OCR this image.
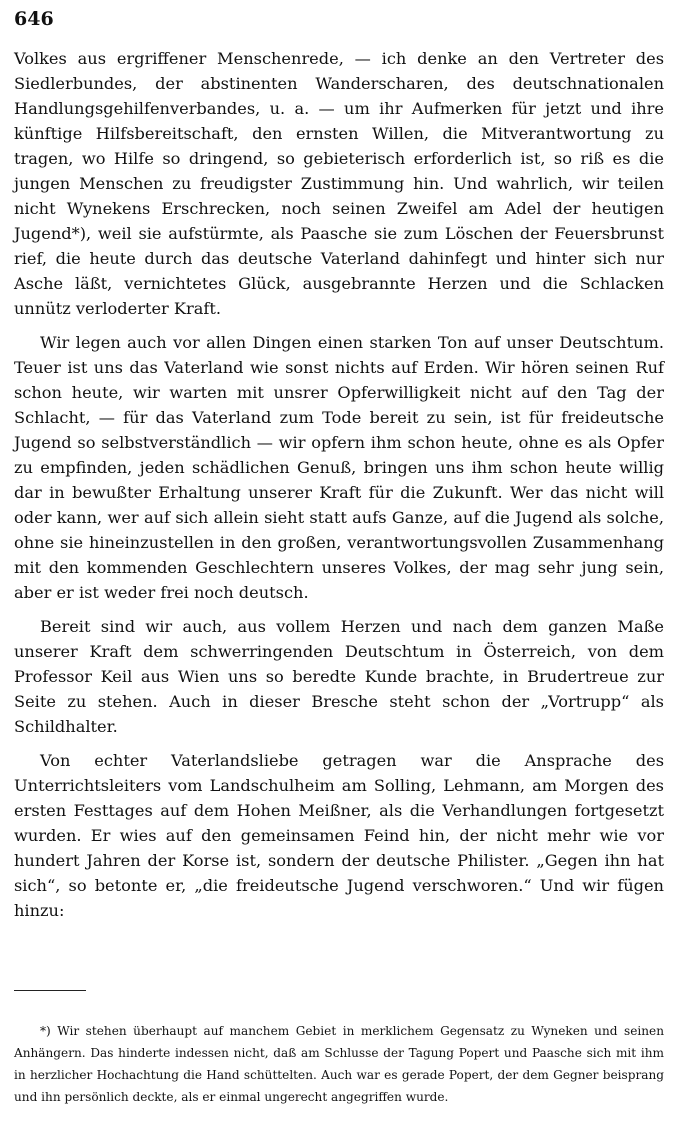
646

Volkes aus ergriffener Menschenrede, — ich denke an den Vertreter des Siedlerbundes, der abstinenten Wanderscharen, des deutschnationalen Handlungsgehilfenverbandes, u. a. — um ihr Aufmerken für jetzt und ihre künftige Hilfsbereitschaft, den ernsten Willen, die Mitverantwortung zu tragen, wo Hilfe so dringend, so gebieterisch erforderlich ist, so riß es die jungen Menschen zu freudigster Zustimmung hin. Und wahrlich, wir teilen nicht Wynekens Erschrecken, noch seinen Zweifel am Adel der heutigen Jugend*), weil sie aufstürmte, als Paasche sie zum Löschen der Feuersbrunst rief, die heute durch das deutsche Vaterland dahinfegt und hinter sich nur Asche läßt, vernichtetes Glück, ausgebrannte Herzen und die Schlacken unnütz verloderter Kraft.

Wir legen auch vor allen Dingen einen starken Ton auf unser Deutschtum. Teuer ist uns das Vaterland wie sonst nichts auf Erden. Wir hören seinen Ruf schon heute, wir warten mit unsrer Opferwilligkeit nicht auf den Tag der Schlacht, — für das Vaterland zum Tode bereit zu sein, ist für freideutsche Jugend so selbstverständlich — wir opfern ihm schon heute, ohne es als Opfer zu empfinden, jeden schädlichen Genuß, bringen uns ihm schon heute willig dar in bewußter Erhaltung unserer Kraft für die Zukunft. Wer das nicht will oder kann, wer auf sich allein sieht statt aufs Ganze, auf die Jugend als solche, ohne sie hineinzustellen in den großen, verantwortungsvollen Zusammenhang mit den kommenden Geschlechtern unseres Volkes, der mag sehr jung sein, aber er ist weder frei noch deutsch.

Bereit sind wir auch, aus vollem Herzen und nach dem ganzen Maße unserer Kraft dem schwerringenden Deutschtum in Österreich, von dem Professor Keil aus Wien uns so beredte Kunde brachte, in Brudertreue zur Seite zu stehen. Auch in dieser Bresche steht schon der „Vortrupp“ als Schildhalter.

Von echter Vaterlandsliebe getragen war die Ansprache des Unterrichtsleiters vom Landschulheim am Solling, Lehmann, am Morgen des ersten Festtages auf dem Hohen Meißner, als die Verhandlungen fortgesetzt wurden. Er wies auf den gemeinsamen Feind hin, der nicht mehr wie vor hundert Jahren der Korse ist, sondern der deutsche Philister. „Gegen ihn hat sich“, so betonte er, „die freideutsche Jugend verschworen.“ Und wir fügen hinzu:

*) Wir stehen überhaupt auf manchem Gebiet in merklichem Gegensatz zu Wyneken und seinen Anhängern. Das hinderte indessen nicht, daß am Schlusse der Tagung Popert und Paasche sich mit ihm in herzlicher Hochachtung die Hand schüttelten. Auch war es gerade Popert, der dem Gegner beisprang und ihn persönlich deckte, als er einmal ungerecht angegriffen wurde.
